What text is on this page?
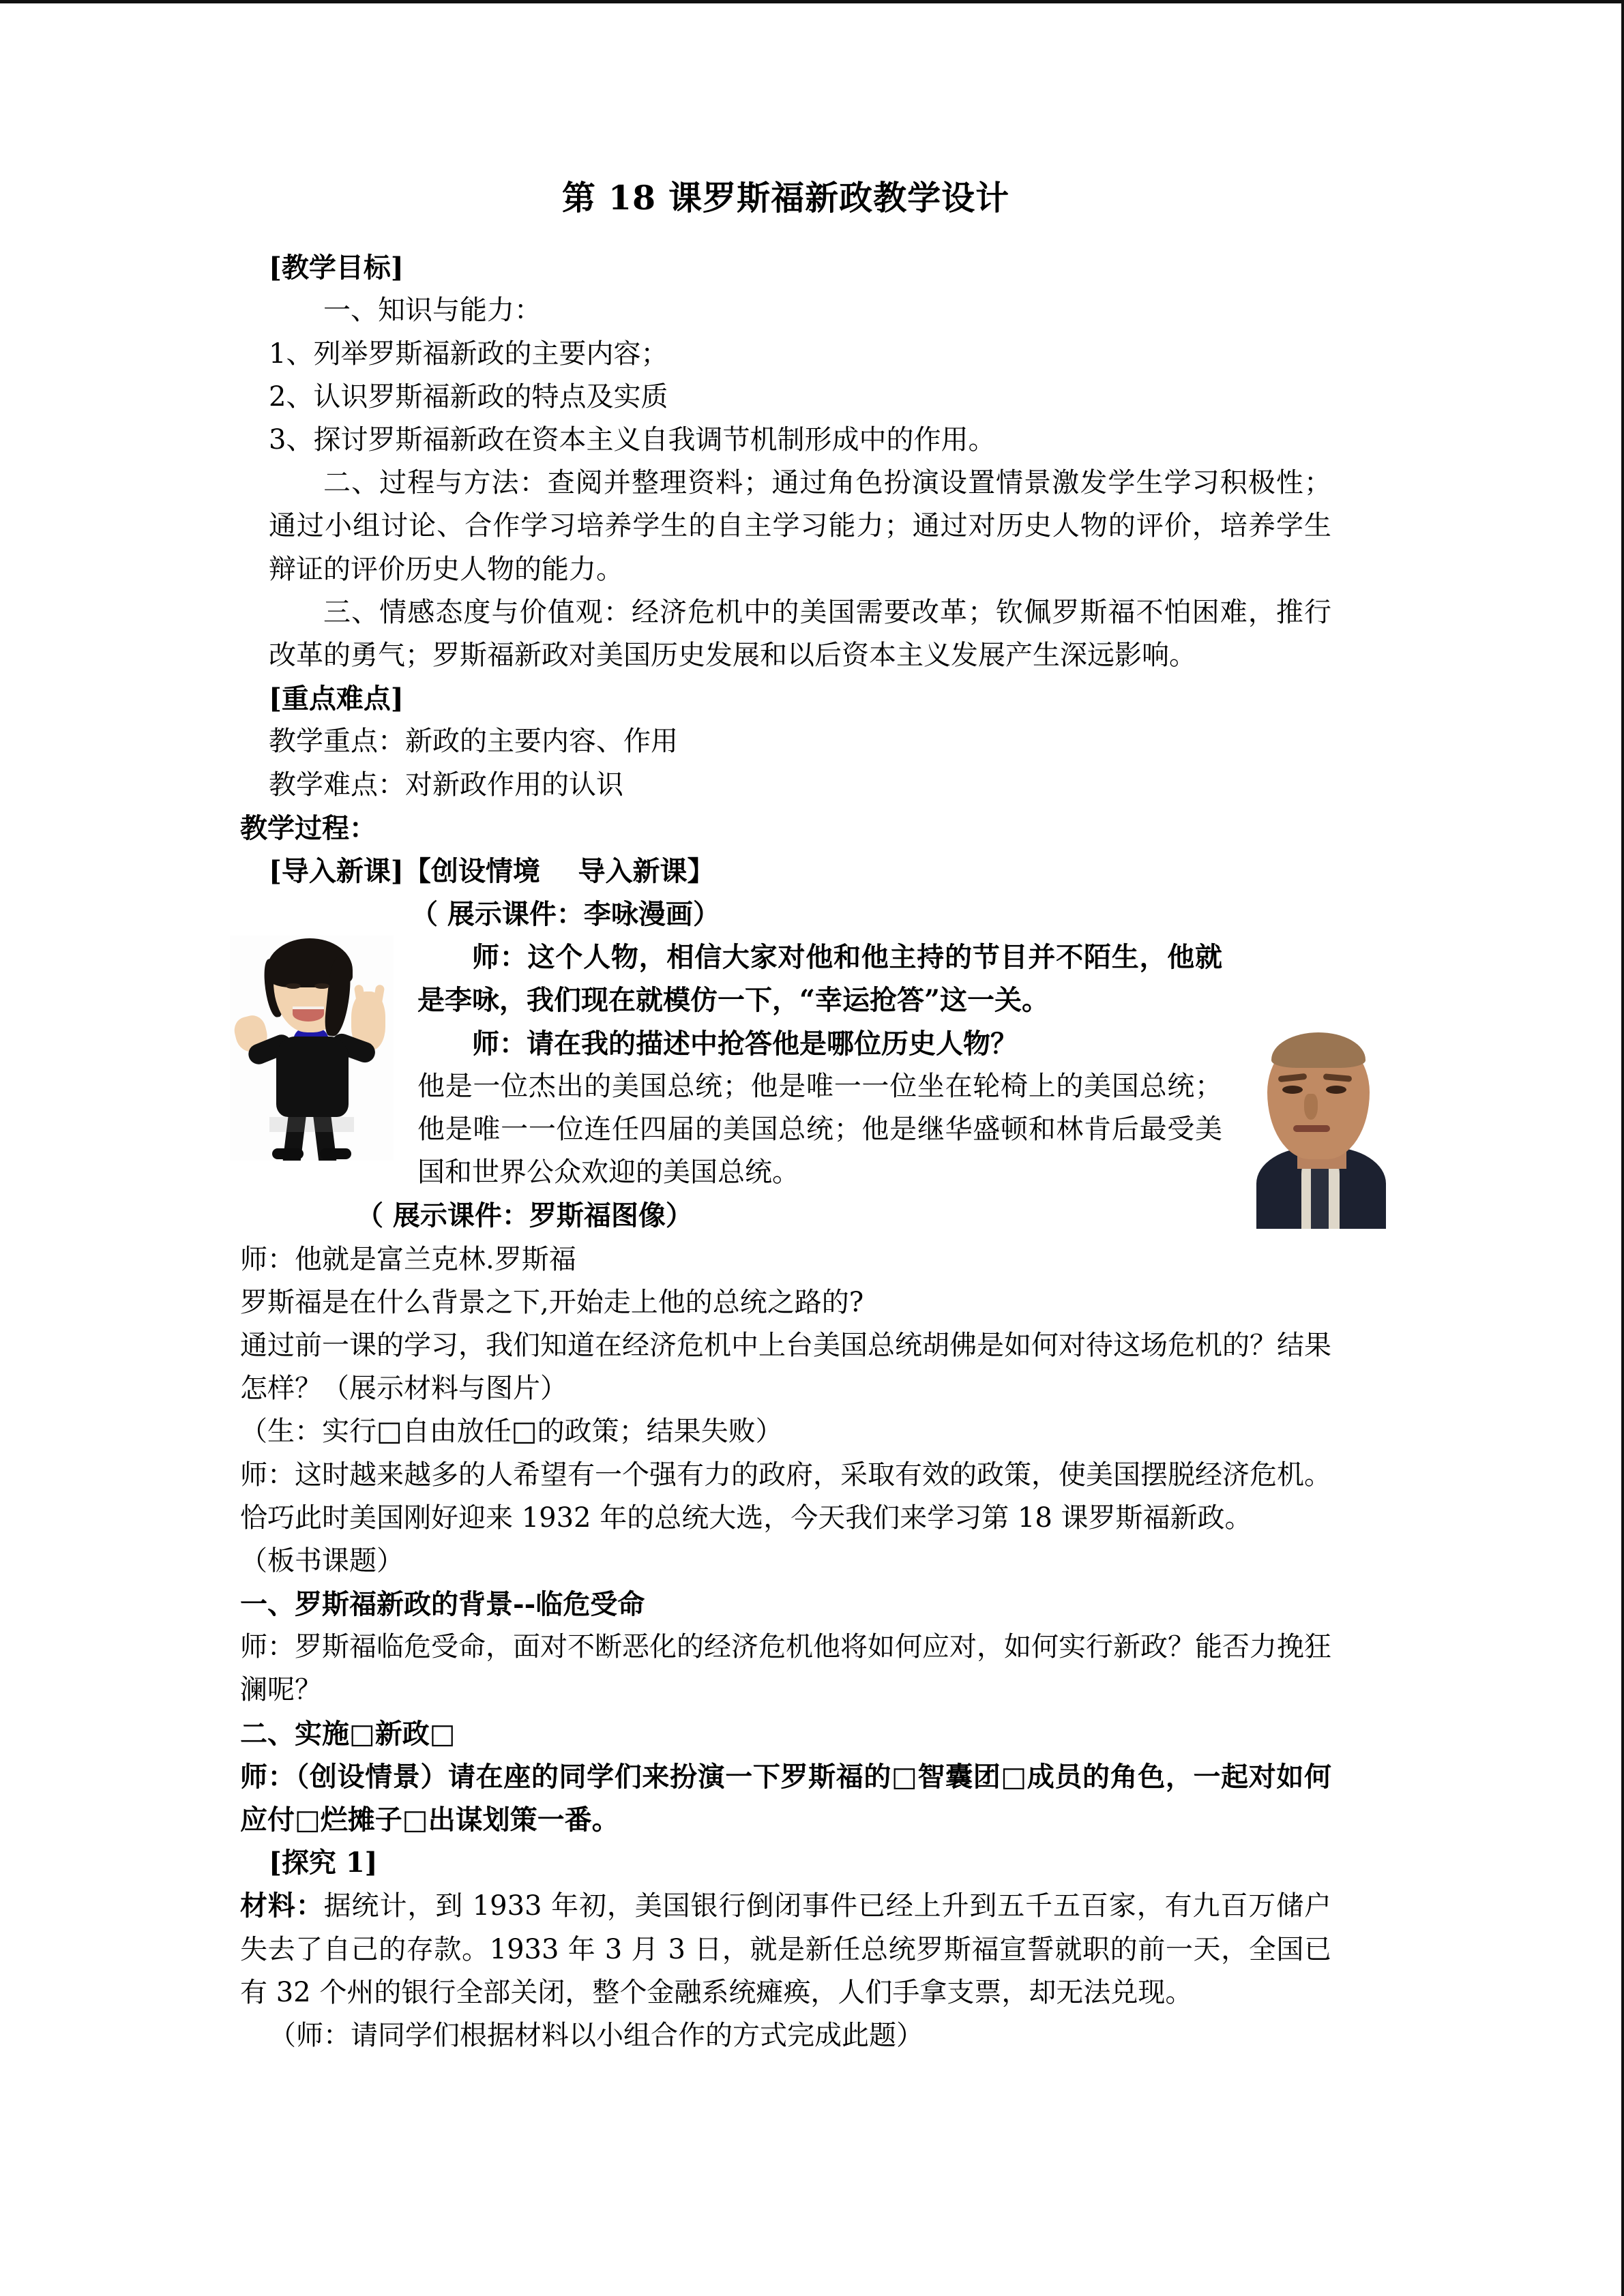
第 18 课罗斯福新政教学设计

[教学目标]

一、知识与能力：

1、列举罗斯福新政的主要内容；

2、认识罗斯福新政的特点及实质

3、探讨罗斯福新政在资本主义自我调节机制形成中的作用。

二、过程与方法：查阅并整理资料；通过角色扮演设置情景激发学生学习积极性；通过小组讨论、合作学习培养学生的自主学习能力；通过对历史人物的评价，培养学生辩证的评价历史人物的能力。

三、情感态度与价值观：经济危机中的美国需要改革；钦佩罗斯福不怕困难，推行改革的勇气；罗斯福新政对美国历史发展和以后资本主义发展产生深远影响。

[重点难点]

教学重点：新政的主要内容、作用

教学难点：对新政作用的认识

教学过程：

[导入新课]【创设情境    导入新课】

（ 展示课件：李咏漫画）

师：这个人物，相信大家对他和他主持的节目并不陌生，他就是李咏，我们现在就模仿一下，“幸运抢答”这一关。

师：请在我的描述中抢答他是哪位历史人物？

他是一位杰出的美国总统；他是唯一一位坐在轮椅上的美国总统；他是唯一一位连任四届的美国总统；他是继华盛顿和林肯后最受美国和世界公众欢迎的美国总统。

（ 展示课件：罗斯福图像）

师：他就是富兰克林.罗斯福

罗斯福是在什么背景之下,开始走上他的总统之路的?

通过前一课的学习，我们知道在经济危机中上台美国总统胡佛是如何对待这场危机的？结果怎样？（展示材料与图片）

（生：实行□自由放任□的政策；结果失败）

师：这时越来越多的人希望有一个强有力的政府，采取有效的政策，使美国摆脱经济危机。恰巧此时美国刚好迎来 1932 年的总统大选，今天我们来学习第 18 课罗斯福新政。

（板书课题）

一、罗斯福新政的背景--临危受命

师：罗斯福临危受命，面对不断恶化的经济危机他将如何应对，如何实行新政？能否力挽狂澜呢？

二、实施□新政□

师：（创设情景）请在座的同学们来扮演一下罗斯福的□智囊团□成员的角色，一起对如何应付□烂摊子□出谋划策一番。

[探究 1]

材料：据统计，到 1933 年初，美国银行倒闭事件已经上升到五千五百家，有九百万储户失去了自己的存款。1933 年 3 月 3 日，就是新任总统罗斯福宣誓就职的前一天，全国已有 32 个州的银行全部关闭，整个金融系统瘫痪，人们手拿支票，却无法兑现。

（师：请同学们根据材料以小组合作的方式完成此题）
